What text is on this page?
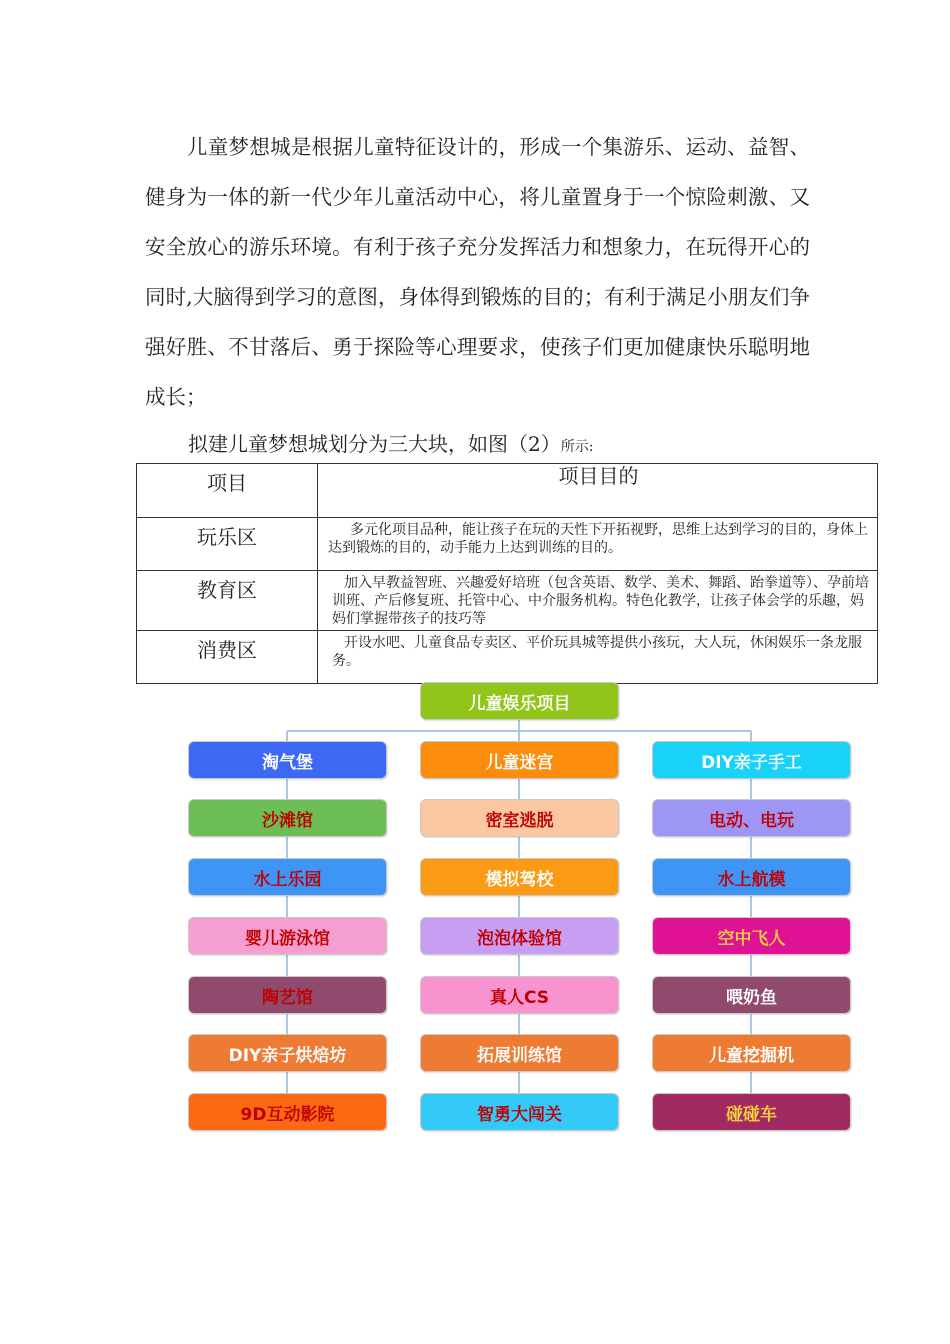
儿童梦想城是根据儿童特征设计的，形成一个集游乐、运动、益智、健身为一体的新一代少年儿童活动中心，将儿童置身于一个惊险刺激、又安全放心的游乐环境。有利于孩子充分发挥活力和想象力，在玩得开心的同时,大脑得到学习的意图，身体得到锻炼的目的；有利于满足小朋友们争强好胜、不甘落后、勇于探险等心理要求，使孩子们更加健康快乐聪明地成长；

拟建儿童梦想城划分为三大块，如图（2）所示:

项目	项目目的
玩乐区	多元化项目品种，能让孩子在玩的天性下开拓视野，思维上达到学习的目的，身体上达到锻炼的目的，动手能力上达到训练的目的。
教育区	加入早教益智班、兴趣爱好培班（包含英语、数学、美术、舞蹈、跆拳道等）、孕前培训班、产后修复班、托管中心、中介服务机构。特色化教学，让孩子体会学的乐趣，妈妈们掌握带孩子的技巧等
消费区	开设水吧、儿童食品专卖区、平价玩具城等提供小孩玩，大人玩，休闲娱乐一条龙服务。
儿童娱乐项目
淘气堡
沙滩馆
水上乐园
婴儿游泳馆
陶艺馆
DIY亲子烘焙坊
9D互动影院
儿童迷宫
密室逃脱
模拟驾校
泡泡体验馆
真人CS
拓展训练馆
智勇大闯关
DIY亲子手工
电动、电玩
水上航模
空中飞人
喂奶鱼
儿童挖掘机
碰碰车
